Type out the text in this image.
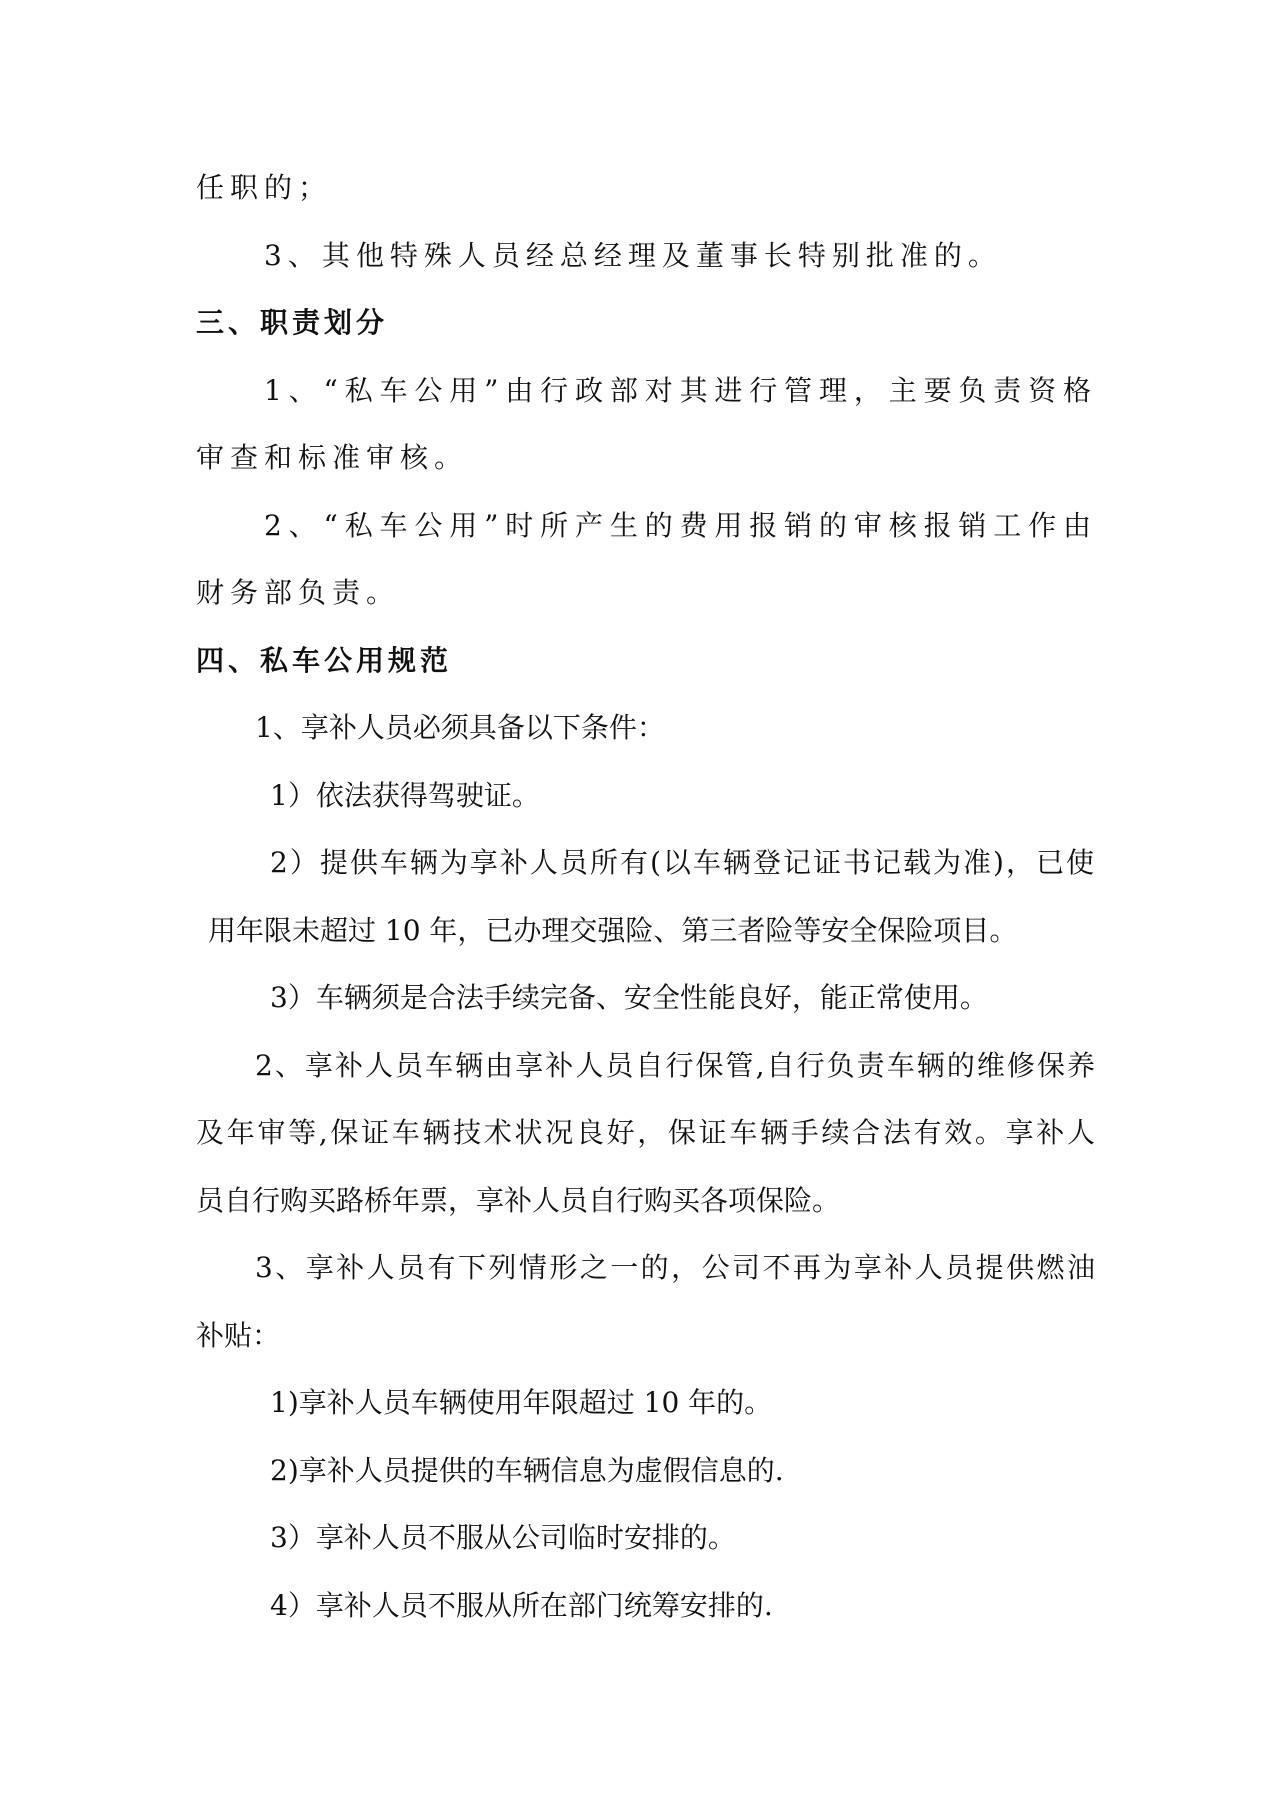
任职的；
3、其他特殊人员经总经理及董事长特别批准的。
三、职责划分
1、“私车公用”由行政部对其进行管理，主要负责资格
审查和标准审核。
2、“私车公用”时所产生的费用报销的审核报销工作由
财务部负责。
四、私车公用规范
1、享补人员必须具备以下条件：
1）依法获得驾驶证。
2）提供车辆为享补人员所有(以车辆登记证书记载为准)，已使
用年限未超过 10 年，已办理交强险、第三者险等安全保险项目。
3）车辆须是合法手续完备、安全性能良好，能正常使用。
2、享补人员车辆由享补人员自行保管,自行负责车辆的维修保养
及年审等,保证车辆技术状况良好，保证车辆手续合法有效。享补人
员自行购买路桥年票，享补人员自行购买各项保险。
3、享补人员有下列情形之一的，公司不再为享补人员提供燃油
补贴：
1)享补人员车辆使用年限超过 10 年的。
2)享补人员提供的车辆信息为虚假信息的.
3）享补人员不服从公司临时安排的。
4）享补人员不服从所在部门统筹安排的.
